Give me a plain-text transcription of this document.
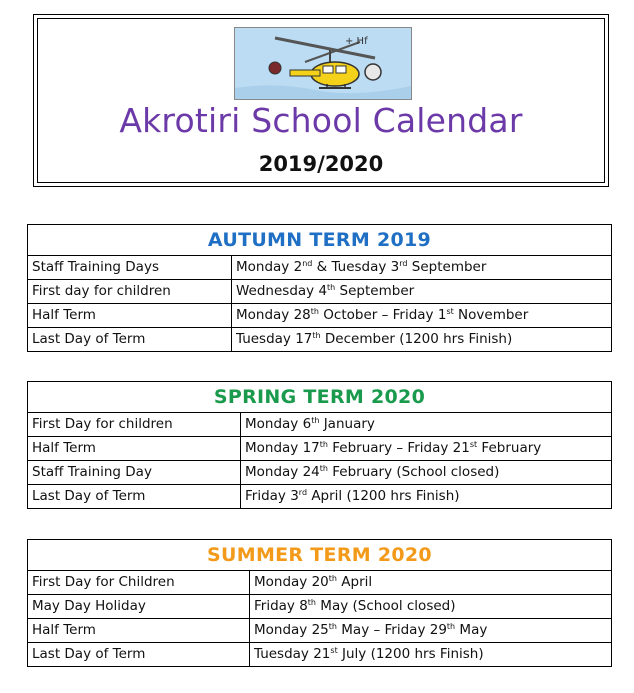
+ Hf
Akrotiri School Calendar
2019/2020
AUTUMN TERM 2019	
Staff Training Days	Monday 2nd & Tuesday 3rd September
First day for children	Wednesday 4th September
Half Term	Monday 28th October – Friday 1st November
Last Day of Term	Tuesday 17th December (1200 hrs Finish)
SPRING TERM 2020	
First Day for children	Monday 6th January
Half Term	Monday 17th February – Friday 21st February
Staff Training Day	Monday 24th February (School closed)
Last Day of Term	Friday 3rd April (1200 hrs Finish)
SUMMER TERM 2020	
First Day for Children	Monday 20th April
May Day Holiday	Friday 8th May (School closed)
Half Term	Monday 25th May – Friday 29th May
Last Day of Term	Tuesday 21st July (1200 hrs Finish)
